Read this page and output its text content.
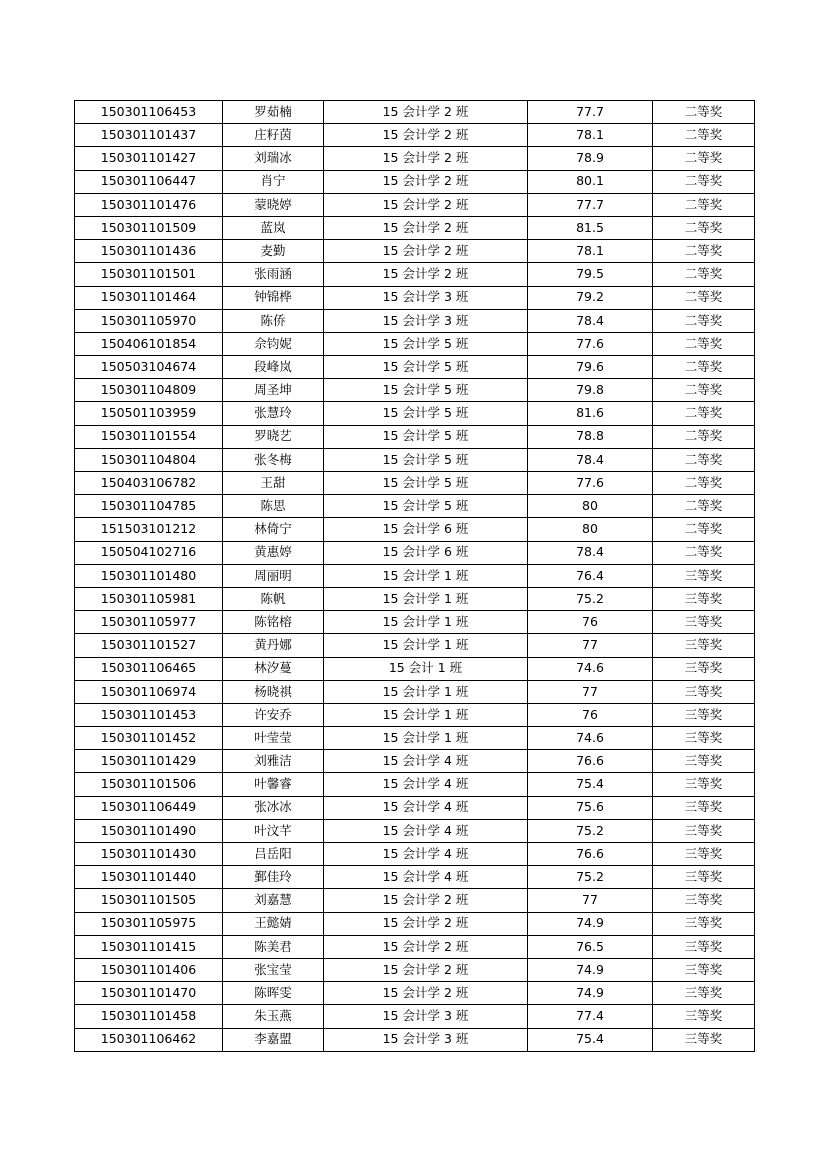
150301106453	罗茹楠	15 会计学 2 班	77.7	二等奖
150301101437	庄籽茵	15 会计学 2 班	78.1	二等奖
150301101427	刘瑞冰	15 会计学 2 班	78.9	二等奖
150301106447	肖宁	15 会计学 2 班	80.1	二等奖
150301101476	蒙晓婷	15 会计学 2 班	77.7	二等奖
150301101509	蓝岚	15 会计学 2 班	81.5	二等奖
150301101436	麦勤	15 会计学 2 班	78.1	二等奖
150301101501	张雨涵	15 会计学 2 班	79.5	二等奖
150301101464	钟锦桦	15 会计学 3 班	79.2	二等奖
150301105970	陈侨	15 会计学 3 班	78.4	二等奖
150406101854	佘钧妮	15 会计学 5 班	77.6	二等奖
150503104674	段峰岚	15 会计学 5 班	79.6	二等奖
150301104809	周圣坤	15 会计学 5 班	79.8	二等奖
150501103959	张慧玲	15 会计学 5 班	81.6	二等奖
150301101554	罗晓艺	15 会计学 5 班	78.8	二等奖
150301104804	张冬梅	15 会计学 5 班	78.4	二等奖
150403106782	王甜	15 会计学 5 班	77.6	二等奖
150301104785	陈思	15 会计学 5 班	80	二等奖
151503101212	林倚宁	15 会计学 6 班	80	二等奖
150504102716	黄惠婷	15 会计学 6 班	78.4	二等奖
150301101480	周丽明	15 会计学 1 班	76.4	三等奖
150301105981	陈帆	15 会计学 1 班	75.2	三等奖
150301105977	陈铭榕	15 会计学 1 班	76	三等奖
150301101527	黄丹娜	15 会计学 1 班	77	三等奖
150301106465	林汐蔓	15 会计 1 班	74.6	三等奖
150301106974	杨晓祺	15 会计学 1 班	77	三等奖
150301101453	许安乔	15 会计学 1 班	76	三等奖
150301101452	叶莹莹	15 会计学 1 班	74.6	三等奖
150301101429	刘雅洁	15 会计学 4 班	76.6	三等奖
150301101506	叶馨睿	15 会计学 4 班	75.4	三等奖
150301106449	张冰冰	15 会计学 4 班	75.6	三等奖
150301101490	叶汶芊	15 会计学 4 班	75.2	三等奖
150301101430	吕岳阳	15 会计学 4 班	76.6	三等奖
150301101440	鄞佳玲	15 会计学 4 班	75.2	三等奖
150301101505	刘嘉慧	15 会计学 2 班	77	三等奖
150301105975	王懿婧	15 会计学 2 班	74.9	三等奖
150301101415	陈美君	15 会计学 2 班	76.5	三等奖
150301101406	张宝莹	15 会计学 2 班	74.9	三等奖
150301101470	陈晖雯	15 会计学 2 班	74.9	三等奖
150301101458	朱玉燕	15 会计学 3 班	77.4	三等奖
150301106462	李嘉盟	15 会计学 3 班	75.4	三等奖
